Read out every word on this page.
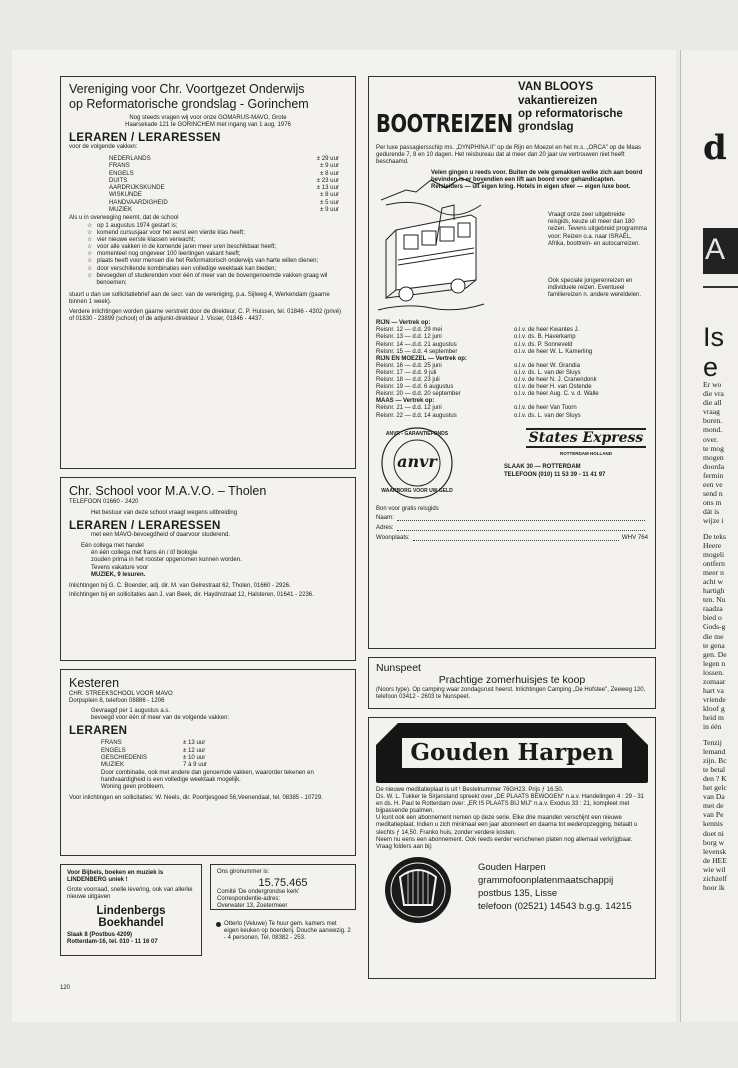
Vereniging voor Chr. Voortgezet Onderwijs
op Reformatorische grondslag - Gorinchem
Nog steeds vragen wij voor onze GOMARUS-MAVO, Grote
Haarsekade 121 te GORINCHEM met ingang van 1 aug. 1976
LERAREN / LERARESSEN
voor de volgende vakken:
NEDERLANDS	± 29 uur
FRANS	± 9 uur
ENGELS	± 8 uur
DUITS	± 23 uur
AARDRIJKSKUNDE	± 13 uur
WISKUNDE	± 8 uur
HANDVAARDIGHEID	± 5 uur
MUZIEK	± 9 uur
Als u in overweging neemt, dat de school
☆ op 1 augustus 1974 gestart is;
☆ komend cursusjaar voor het eerst een vierde klas heeft;
☆ vier nieuwe eerste klassen verwacht;
☆ voor alle vakken in de komende jaren meer uren beschikbaar heeft;
☆ momenteel nog ongeveer 100 leerlingen vakant heeft;
☆ plaats heeft voor mensen die het Reformatorisch onderwijs van harte willen dienen;
☆ door verschillende kombinaties een volledige weektaak kan bieden;
☆ bevoegden of studerenden voor één of meer van de bovengenoemde vakken graag wil benoemen;
stuurt u dan uw sollicitatiebrief aan de secr. van de vereniging, p.a. Sijlweg 4, Werkendam (gaarne binnen 1 week).
Verdere inlichtingen worden gaarne verstrekt door de direkteur, C. P. Huissen, tel. 01846 - 4302 (privé) of 01830 - 23899 (school) of de adjunkt-direkteur J. Visser, 01846 - 4437.
Chr. School voor M.A.V.O. – Tholen
TELEFOON 01660 - 2420
Het bestuur van deze school vraagt wegens uitbreiding
LERAREN / LERARESSEN
met een MAVO-bevoegdheid of daarvoor studerend.
Eén collega met handel
én één collega met frans én / óf biologie
zouden prima in het rooster opgenomen kunnen worden.
Tevens vakature voor
MUZIEK, 9 lesuren.
Inlichtingen bij G. C. Boender, adj. dir. M. van Gelrestraat 62, Tholen, 01660 - 2926.
Inlichtingen bij en sollicitaties aan J. van Beek, dir. Haydnstraat 12, Halsteren, 01641 - 2236.
Kesteren
CHR. STREEKSCHOOL VOOR MAVO
Dorpsplein 8, telefoon 08886 - 1206
Gevraagd per 1 augustus a.s.
bevoegd voor één of meer van de volgende vakken:
LERAREN
FRANS	± 13 uur
ENGELS	± 12 uur
GESCHIEDENIS	± 10 uur
MUZIEK	7 à 9 uur
Door combinatie, ook met andere dan genoemde vakken, waarorder tekenen en handvaardigheid is een volledige weektaak mogelijk.
Woning geen probleem.
Voor inlichtingen en sollicitaties: W. Neels, dir. Poortjesgoed 56,Veenendaal, tel. 08385 - 10729.
Voor Bijbels, boeken en muziek is LINDENBERG uniek !
Grote voorraad, snelle levering, ook van allerlei nieuwe uitgaven
Lindenbergs
Boekhandel
Slaak 8 (Postbus 4209)
Rotterdam-16, tel. 010 - 11 16 07
Ons gironummer is:
15.75.465
Comité 'De ondergrondse kerk'
Correspondentie-adres:
Overwater 13, Zoetermeer
Otterlo (Veluwe) Te huur gem. kamers met eigen keuken op boerderij. Douche aanwezig. 2 - 4 personen. Tel. 08382 - 253.
BOOTREIZEN
VAN BLOOYS
vakantiereizen
op reformatorische
grondslag
Per luxe passagiersschip ms. „DYNPHINA II" op de Rijn en Moezel en het m.s. „ORCA" op de Maas gedurende 7, 8 en 10 dagen. Het reisbureau dat al meer dan 20 jaar uw vertrouwen niet heeft beschaamd.
Velen gingen u reeds voor. Buiten de vele gemakken welke zich aan boord bevinden is er bovendien een lift aan boord voor gehandicapten. Reisleiders — uit eigen kring. Hotels in eigen sfeer — eigen luxe boot.
Vraagt onze zeer uitgebreide reisgids, keuze uit meer dan 180 reizen. Tevens uitgebreid programma voor: Reizen o.a. naar ISRAËL, Afrika, boottrein- en autocarreizen.
Ook speciale jongerenreizen en individuele reizen. Eventueel familiereizen n. andere wereldelen.
RIJN — Vertrek op:
Reisnr. 12 — d.d. 29 mei	o.l.v. de heer Kwantes J.
Reisnr. 13 — d.d. 12 juni	o.l.v. ds. B. Haverkamp
Reisnr. 14 —.d.d. 21 augustus	o.l.v. ds. P. Sonneveld
Reisnr. 15 — d.d. 4 september	o.l.v. de heer W. L. Kamerling
RIJN EN MOEZEL — Vertrek op:
Reisnr. 16 — d.d. 25 juni	o.l.v. de heer W. Grandia
Reisnr. 17 — d.d. 9 juli	o.l.v. ds. L. van der Sluys
Reisnr. 18 — d.d. 23 juli	o.l.v. de heer N. J. Cranendonk
Reisnr. 19 — d.d. 6 augustus	o.l.v. de heer H. van Ostende
Reisnr. 20 — d.d. 20 september	o.l.v. de heer Aug. C. v. d. Walle
MAAS — Vertrek op:
Reisnr. 21 — d.d. 12 juni	o.l.v. de heer Van Toorn
Reisnr. 22 — d.d. 14 augustus	o.l.v. ds. L. van der Sluys
ANVR - GARANTIEFONDS
anvr
WAARBORG VOOR UW GELD
States Express
ROTTERDAM HOLLAND
SLAAK 30 — ROTTERDAM
TELEFOON (010) 11 53 39 - 11 41 97
Bon voor gratis reisgids
Naam:
Adres:
Woonplaats:	WHV 764
Nunspeet
Prachtige zomerhuisjes te koop
(Noors type). Op camping waar zondagsrust heerst. Inlichtingen Camping „De Hofstee", Zeeweg 120, telefoon 03412 - 2603 te Nunspeet.
Gouden Harpen
De nieuwe meditatieplaat is uit ! Bestelnummer 76GH23. Prijs ƒ 16.50.
Ds. W. L. Tukker te Sirjansland spreekt over „DE PLAATS BEWOGEN" n.a.v. Handelingen 4 : 29 - 31 en ds. H. Paul te Rotterdam over: „ER IS PLAATS BIJ MIJ" n.a.v. Exodus 33 : 21, kompleet met bijpassende psalmen.
U kunt ook een abonnement nemen op deze serie. Elke drie maanden verschijnt een nieuwe meditatieplaat. Indien u zich minimaal een jaar abonneert en daarna tot wederopzegging, betaalt u slechts ƒ 14,50. Franko huis, zonder verdere kosten.
Neem nu eens een abonnement. Ook reeds eerder verschenen platen nog allemaal verkrijgbaar. Vraag folders aan bij:
Gouden Harpen
grammofoonplatenmaatschappij
postbus 135, Lisse
telefoon (02521) 14543 b.g.g. 14215
120
d
A
Is e
Er wo
die vra
die all
vraag
boren.
mond.
over.
te mog
mogen
doorda
fermin
een ve
send n
ons m
dát is
wijze i
De teks
Heere
mogeli
ontfern
meer n
acht w
hartigh
ten. Nu
raadza
bied o
Gods-g
die me
te gena
gen. De
legen n
lossen.
zomaar
hart va
vriende
kloof g
heid m
in één
Tenzij
lemand
zijn. Bc
te betal
den ? K
het gelc
van Da
met de
van Pe
kennis
doet ni
borg w
levensk
de HEE
wie wil
zichzelf
hoor ik
